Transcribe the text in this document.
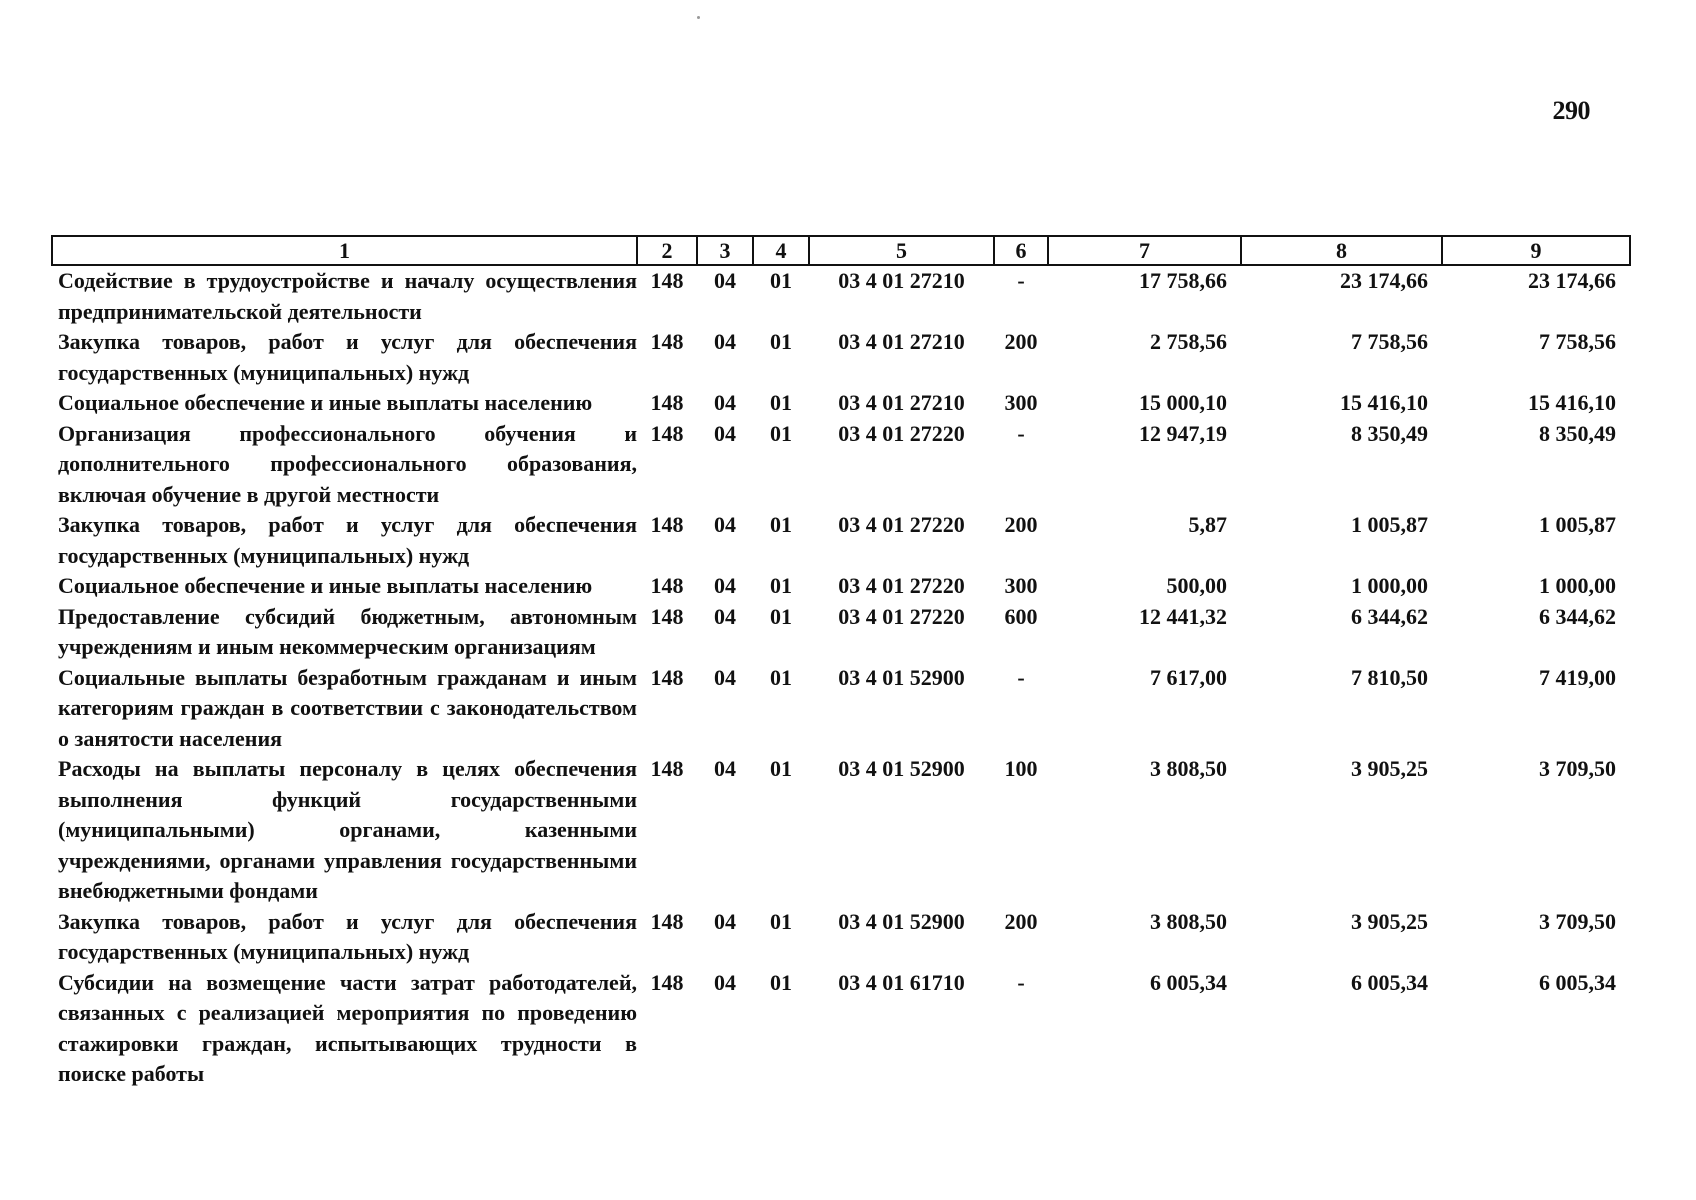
290
1	2	3	4	5	6	7	8	9
Содействие в трудоустройстве и началу осуществления предпринимательской деятельности	148	04	01	03 4 01 27210	-	17 758,66	23 174,66	23 174,66
Закупка товаров, работ и услуг для обеспечения государственных (муниципальных) нужд	148	04	01	03 4 01 27210	200	2 758,56	7 758,56	7 758,56
Социальное обеспечение и иные выплаты населению	148	04	01	03 4 01 27210	300	15 000,10	15 416,10	15 416,10
Организация профессионального обучения и дополнительного профессионального образования, включая обучение в другой местности	148	04	01	03 4 01 27220	-	12 947,19	8 350,49	8 350,49
Закупка товаров, работ и услуг для обеспечения государственных (муниципальных) нужд	148	04	01	03 4 01 27220	200	5,87	1 005,87	1 005,87
Социальное обеспечение и иные выплаты населению	148	04	01	03 4 01 27220	300	500,00	1 000,00	1 000,00
Предоставление субсидий бюджетным, автономным учреждениям и иным некоммерческим организациям	148	04	01	03 4 01 27220	600	12 441,32	6 344,62	6 344,62
Социальные выплаты безработным гражданам и иным категориям граждан в соответствии с законодательством о занятости населения	148	04	01	03 4 01 52900	-	7 617,00	7 810,50	7 419,00
Расходы на выплаты персоналу в целях обеспечения выполнения функций государственными (муниципальными) органами, казенными учреждениями, органами управления государственными внебюджетными фондами	148	04	01	03 4 01 52900	100	3 808,50	3 905,25	3 709,50
Закупка товаров, работ и услуг для обеспечения государственных (муниципальных) нужд	148	04	01	03 4 01 52900	200	3 808,50	3 905,25	3 709,50
Субсидии на возмещение части затрат работодателей, связанных с реализацией мероприятия по проведению стажировки граждан, испытывающих трудности в поиске работы	148	04	01	03 4 01 61710	-	6 005,34	6 005,34	6 005,34
